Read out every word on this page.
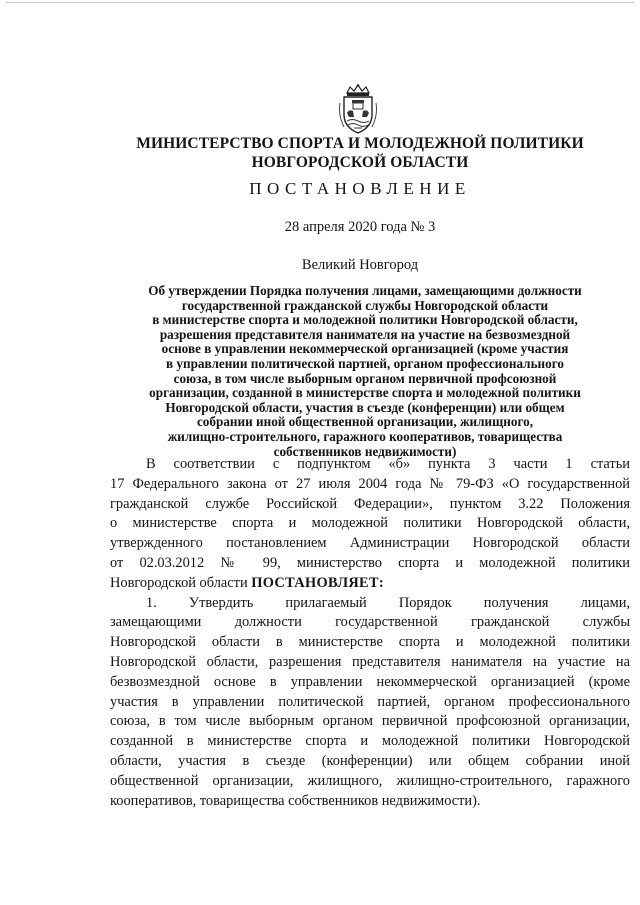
МИНИСТЕРСТВО СПОРТА И МОЛОДЕЖНОЙ ПОЛИТИКИ
НОВГОРОДСКОЙ ОБЛАСТИ
ПОСТАНОВЛЕНИЕ
28 апреля 2020 года № 3
Великий Новгород
Об утверждении Порядка получения лицами, замещающими должности
государственной гражданской службы Новгородской области
в министерстве спорта и молодежной политики Новгородской области,
разрешения представителя нанимателя на участие на безвозмездной
основе в управлении некоммерческой организацией (кроме участия
в управлении политической партией, органом профессионального
союза, в том числе выборным органом первичной профсоюзной
организации, созданной в министерстве спорта и молодежной политики
Новгородской области, участия в съезде (конференции) или общем
собрании иной общественной организации, жилищного,
жилищно-строительного, гаражного кооперативов, товарищества
собственников недвижимости)
В соответствии с подпунктом «б» пункта 3 части 1 статьи
17 Федерального закона от 27 июля 2004 года № 79-ФЗ «О государственной
гражданской службе Российской Федерации», пунктом 3.22 Положения
о министерстве спорта и молодежной политики Новгородской области,
утвержденного постановлением Администрации Новгородской области
от 02.03.2012 № 99, министерство спорта и молодежной политики
Новгородской области ПОСТАНОВЛЯЕТ:
1. Утвердить прилагаемый Порядок получения лицами,
замещающими должности государственной гражданской службы
Новгородской области в министерстве спорта и молодежной политики
Новгородской области, разрешения представителя нанимателя на участие на
безвозмездной основе в управлении некоммерческой организацией (кроме
участия в управлении политической партией, органом профессионального
союза, в том числе выборным органом первичной профсоюзной организации,
созданной в министерстве спорта и молодежной политики Новгородской
области, участия в съезде (конференции) или общем собрании иной
общественной организации, жилищного, жилищно-строительного, гаражного
кооперативов, товарищества собственников недвижимости).
